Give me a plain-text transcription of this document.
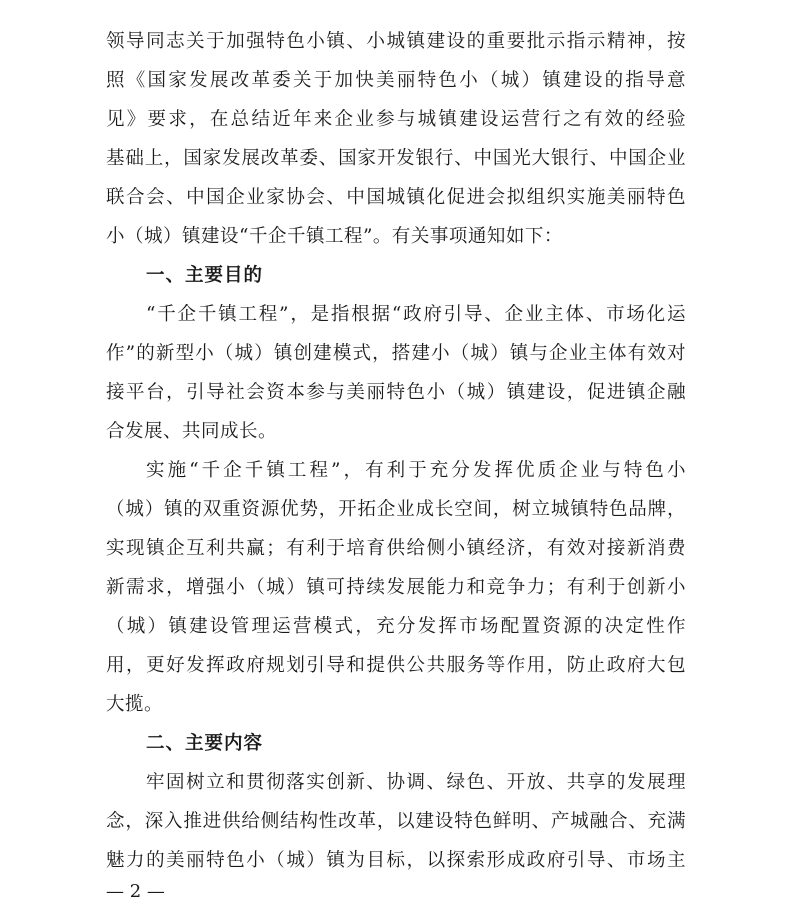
领导同志关于加强特色小镇、小城镇建设的重要批示指示精神，按
照《国家发展改革委关于加快美丽特色小（城）镇建设的指导意
见》要求，在总结近年来企业参与城镇建设运营行之有效的经验
基础上，国家发展改革委、国家开发银行、中国光大银行、中国企业
联合会、中国企业家协会、中国城镇化促进会拟组织实施美丽特色
小（城）镇建设“千企千镇工程”。有关事项通知如下：
一、主要目的
“千企千镇工程”，是指根据“政府引导、企业主体、市场化运
作”的新型小（城）镇创建模式，搭建小（城）镇与企业主体有效对
接平台，引导社会资本参与美丽特色小（城）镇建设，促进镇企融
合发展、共同成长。
实施“千企千镇工程”，有利于充分发挥优质企业与特色小
（城）镇的双重资源优势，开拓企业成长空间，树立城镇特色品牌，
实现镇企互利共赢；有利于培育供给侧小镇经济，有效对接新消费
新需求，增强小（城）镇可持续发展能力和竞争力；有利于创新小
（城）镇建设管理运营模式，充分发挥市场配置资源的决定性作
用，更好发挥政府规划引导和提供公共服务等作用，防止政府大包
大揽。
二、主要内容
牢固树立和贯彻落实创新、协调、绿色、开放、共享的发展理
念，深入推进供给侧结构性改革，以建设特色鲜明、产城融合、充满
魅力的美丽特色小（城）镇为目标，以探索形成政府引导、市场主
— 2 —
